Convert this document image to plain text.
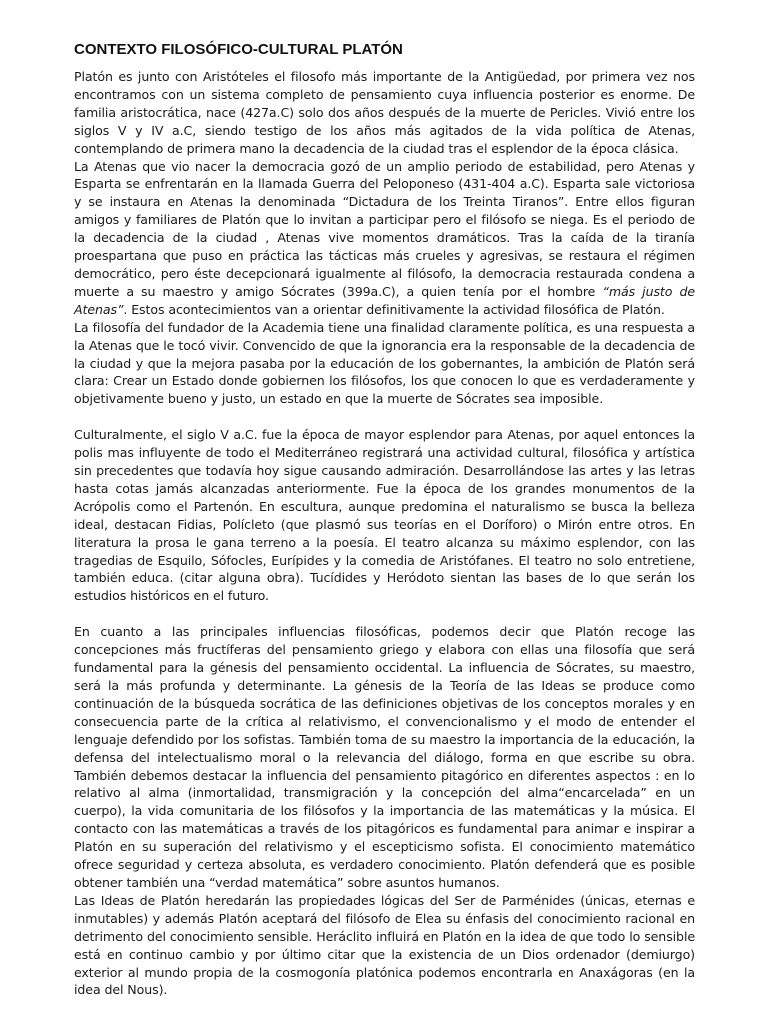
CONTEXTO FILOSÓFICO-CULTURAL PLATÓN

Platón es junto con Aristóteles el filosofo más importante de la Antigüedad, por primera vez nos encontramos con un sistema completo de pensamiento cuya influencia posterior es enorme. De familia aristocrática, nace (427a.C) solo dos años después de la muerte de Pericles. Vivió entre los siglos V y IV a.C, siendo testigo de los años más agitados de la vida política de Atenas, contemplando de primera mano la decadencia de la ciudad tras el esplendor de la época clásica.

La Atenas que vio nacer la democracia gozó de un amplio periodo de estabilidad, pero Atenas y Esparta se enfrentarán en la llamada Guerra del Peloponeso (431-404 a.C). Esparta sale victoriosa y se instaura en Atenas la denominada “Dictadura de los Treinta Tiranos”. Entre ellos figuran amigos y familiares de Platón que lo invitan a participar pero el filósofo se niega. Es el periodo de la decadencia de la ciudad , Atenas vive momentos dramáticos. Tras la caída de la tiranía proespartana que puso en práctica las tácticas más crueles y agresivas, se restaura el régimen democrático, pero éste decepcionará igualmente al filósofo, la democracia restaurada condena a muerte a su maestro y amigo Sócrates (399a.C), a quien tenía por el hombre “más justo de Atenas”. Estos acontecimientos van a orientar definitivamente la actividad filosófica de Platón.

La filosofía del fundador de la Academia tiene una finalidad claramente política, es una respuesta a la Atenas que le tocó vivir. Convencido de que la ignorancia era la responsable de la decadencia de la ciudad y que la mejora pasaba por la educación de los gobernantes, la ambición de Platón será clara: Crear un Estado donde gobiernen los filósofos, los que conocen lo que es verdaderamente y objetivamente bueno y justo, un estado en que la muerte de Sócrates sea imposible.

Culturalmente, el siglo V a.C. fue la época de mayor esplendor para Atenas, por aquel entonces la polis mas influyente de todo el Mediterráneo registrará una actividad cultural, filosófica y artística sin precedentes que todavía hoy sigue causando admiración. Desarrollándose las artes y las letras hasta cotas jamás alcanzadas anteriormente. Fue la época de los grandes monumentos de la Acrópolis como el Partenón. En escultura, aunque predomina el naturalismo se busca la belleza ideal, destacan Fidias, Polícleto (que plasmó sus teorías en el Doríforo) o Mirón entre otros. En literatura la prosa le gana terreno a la poesía. El teatro alcanza su máximo esplendor, con las tragedias de Esquilo, Sófocles, Eurípides y la comedia de Aristófanes. El teatro no solo entretiene, también educa. (citar alguna obra). Tucídides y Heródoto sientan las bases de lo que serán los estudios históricos en el futuro.

En cuanto a las principales influencias filosóficas, podemos decir que Platón recoge las concepciones más fructíferas del pensamiento griego y elabora con ellas una filosofía que será fundamental para la génesis del pensamiento occidental. La influencia de Sócrates, su maestro, será la más profunda y determinante. La génesis de la Teoría de las Ideas se produce como continuación de la búsqueda socrática de las definiciones objetivas de los conceptos morales y en consecuencia parte de la crítica al relativismo, el convencionalismo y el modo de entender el lenguaje defendido por los sofistas. También toma de su maestro la importancia de la educación, la defensa del intelectualismo moral o la relevancia del diálogo, forma en que escribe su obra. También debemos destacar la influencia del pensamiento pitagórico en diferentes aspectos : en lo relativo al alma (inmortalidad, transmigración y la concepción del alma“encarcelada” en un cuerpo), la vida comunitaria de los filósofos y la importancia de las matemáticas y la música. El contacto con las matemáticas a través de los pitagóricos es fundamental para animar e inspirar a Platón en su superación del relativismo y el escepticismo sofista. El conocimiento matemático ofrece seguridad y certeza absoluta, es verdadero conocimiento. Platón defenderá que es posible obtener también una “verdad matemática” sobre asuntos humanos.

Las Ideas de Platón heredarán las propiedades lógicas del Ser de Parménides (únicas, eternas e inmutables) y además Platón aceptará del filósofo de Elea su énfasis del conocimiento racional en detrimento del conocimiento sensible. Heráclito influirá en Platón en la idea de que todo lo sensible está en continuo cambio y por último citar que la existencia de un Dios ordenador (demiurgo) exterior al mundo propia de la cosmogonía platónica podemos encontrarla en Anaxágoras (en la idea del Nous).
